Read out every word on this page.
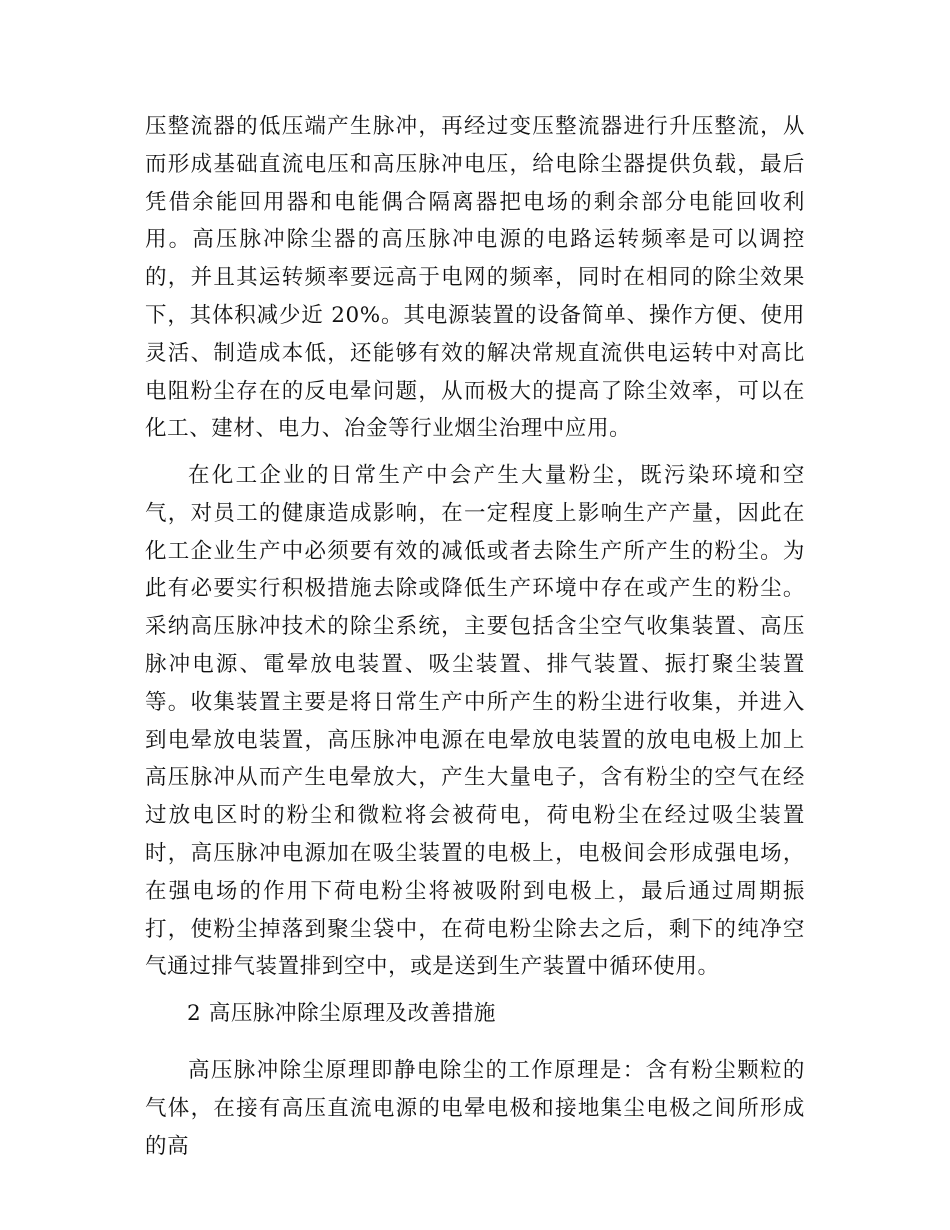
压整流器的低压端产生脉冲，再经过变压整流器进行升压整流，从而形成基础直流电压和高压脉冲电压，给电除尘器提供负载，最后凭借余能回用器和电能偶合隔离器把电场的剩余部分电能回收利用。高压脉冲除尘器的高压脉冲电源的电路运转频率是可以调控的，并且其运转频率要远高于电网的频率，同时在相同的除尘效果下，其体积减少近 20%。其电源装置的设备简单、操作方便、使用灵活、制造成本低，还能够有效的解决常规直流供电运转中对高比电阻粉尘存在的反电晕问题，从而极大的提高了除尘效率，可以在化工、建材、电力、冶金等行业烟尘治理中应用。

在化工企业的日常生产中会产生大量粉尘，既污染环境和空气，对员工的健康造成影响，在一定程度上影响生产产量，因此在化工企业生产中必须要有效的减低或者去除生产所产生的粉尘。为此有必要实行积极措施去除或降低生产环境中存在或产生的粉尘。采纳高压脉冲技术的除尘系统，主要包括含尘空气收集装置、高压脉冲电源、電晕放电装置、吸尘装置、排气装置、振打聚尘装置等。收集装置主要是将日常生产中所产生的粉尘进行收集，并进入到电晕放电装置，高压脉冲电源在电晕放电装置的放电电极上加上高压脉冲从而产生电晕放大，产生大量电子，含有粉尘的空气在经过放电区时的粉尘和微粒将会被荷电，荷电粉尘在经过吸尘装置时，高压脉冲电源加在吸尘装置的电极上，电极间会形成强电场，在强电场的作用下荷电粉尘将被吸附到电极上，最后通过周期振打，使粉尘掉落到聚尘袋中，在荷电粉尘除去之后，剩下的纯净空气通过排气装置排到空中，或是送到生产装置中循环使用。

2 高压脉冲除尘原理及改善措施

高压脉冲除尘原理即静电除尘的工作原理是：含有粉尘颗粒的气体，在接有高压直流电源的电晕电极和接地集尘电极之间所形成的高
